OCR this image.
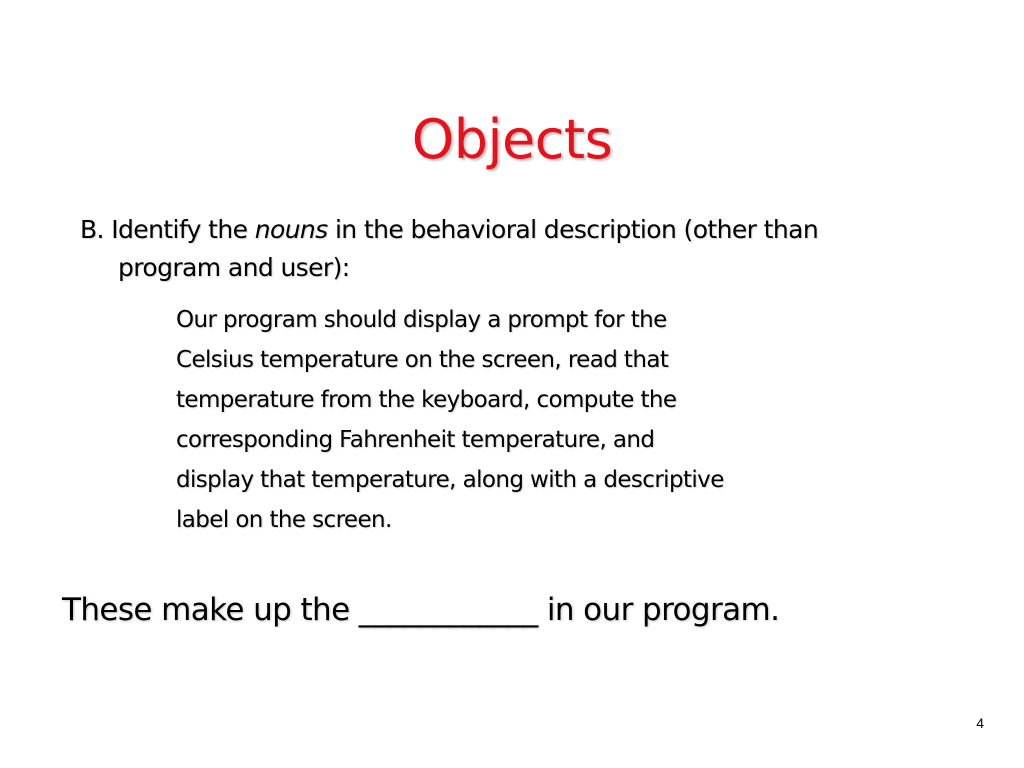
Objects
B. Identify the nouns in the behavioral description (other than
program and user):
Our program should display a prompt for the
Celsius temperature on the screen, read that
temperature from the keyboard, compute the
corresponding Fahrenheit temperature, and
display that temperature, along with a descriptive
label on the screen.
These make up the ____________ in our program.
4
